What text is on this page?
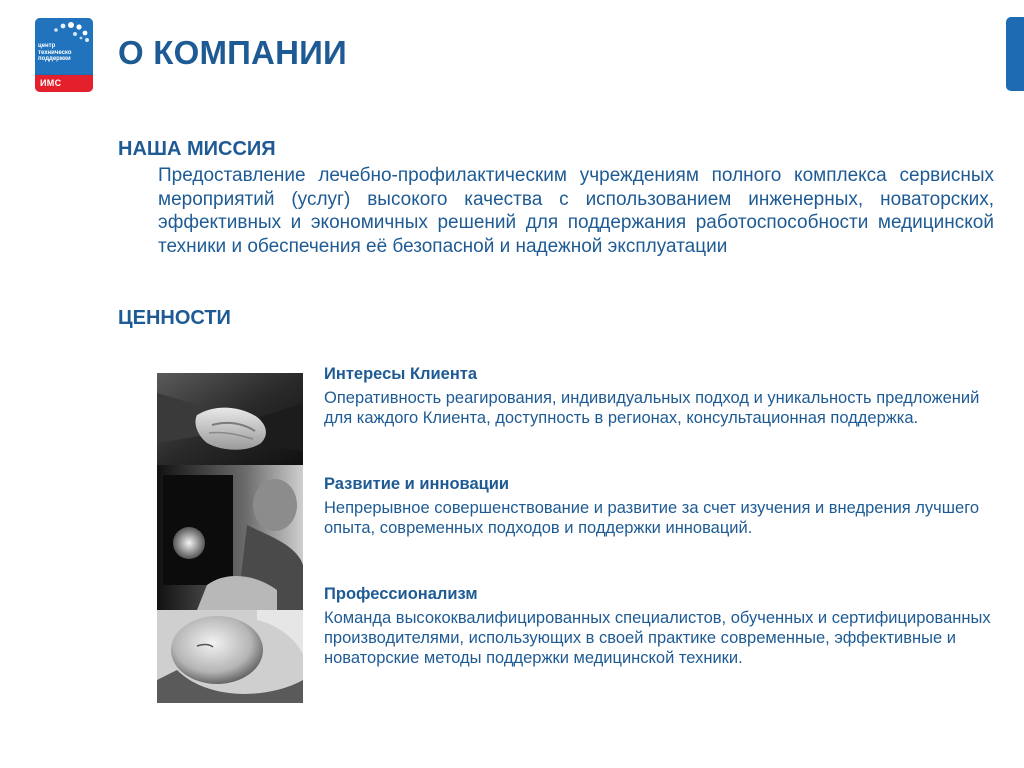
центр
техническо
поддержки
ИМС
О КОМПАНИИ
НАША МИССИЯ

Предоставление лечебно-профилактическим учреждениям полного комплекса сервисных мероприятий (услуг) высокого качества с использованием инженерных, новаторских, эффективных и экономичных решений для поддержания работоспособности медицинской техники и обеспечения её безопасной и надежной эксплуатации

ЦЕННОСТИ
Интересы Клиента

Оперативность реагирования, индивидуальных подход и уникальность предложений для каждого Клиента, доступность в регионах, консультационная поддержка.

Развитие и инновации

Непрерывное совершенствование и развитие за счет изучения и внедрения лучшего опыта, современных подходов и поддержки инноваций.

Профессионализм

Команда высококвалифицированных специалистов, обученных и сертифицированных производителями, использующих в своей практике современные, эффективные и новаторские методы поддержки медицинской техники.
